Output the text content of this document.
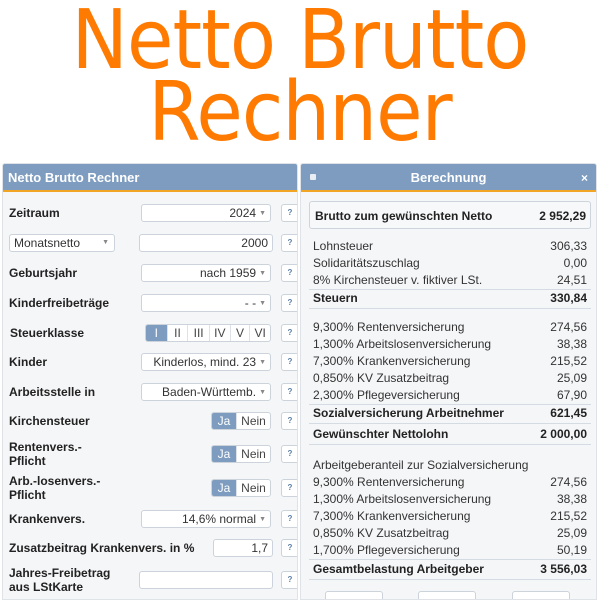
Netto Brutto
Rechner
Netto Brutto Rechner
Zeitraum	2024 ▼	?
Monatsnetto	▼	2000	?
Geburtsjahr	nach 1959 ▼	?
Kinderfreibeträge	- - ▼	?
Steuerklasse	I	II	III IV V VI	?
Kinder	Kinderlos, mind. 23 ▼	?
Arbeitsstelle in	Baden-Württemb. ▼	?
Kirchensteuer	Ja Nein	?
Rentenvers.-
Pflicht	Ja Nein	?
Arb.-losenvers.-
Pflicht	Ja Nein	?
Krankenvers.	14,6% normal ▼	?
Zusatzbeitrag Krankenvers. in %	1,7	?
Jahres-Freibetrag
aus LStKarte
?
Berechnung	×
Brutto zum gewünschten Netto	2 952,29
Lohnsteuer	306,33
Solidaritätszuschlag	0,00
8% Kirchensteuer v. fiktiver LSt.	24,51
Steuern	330,84
9,300% Rentenversicherung	274,56
1,300% Arbeitslosenversicherung	38,38
7,300% Krankenversicherung	215,52
0,850% KV Zusatzbeitrag	25,09
2,300% Pflegeversicherung	67,90
Sozialversicherung Arbeitnehmer	621,45
Gewünschter Nettolohn	2 000,00
Arbeitgeberanteil zur Sozialversicherung
9,300% Rentenversicherung	274,56
1,300% Arbeitslosenversicherung	38,38
7,300% Krankenversicherung	215,52
0,850% KV Zusatzbeitrag	25,09
1,700% Pflegeversicherung	50,19
Gesamtbelastung Arbeitgeber	3 556,03
